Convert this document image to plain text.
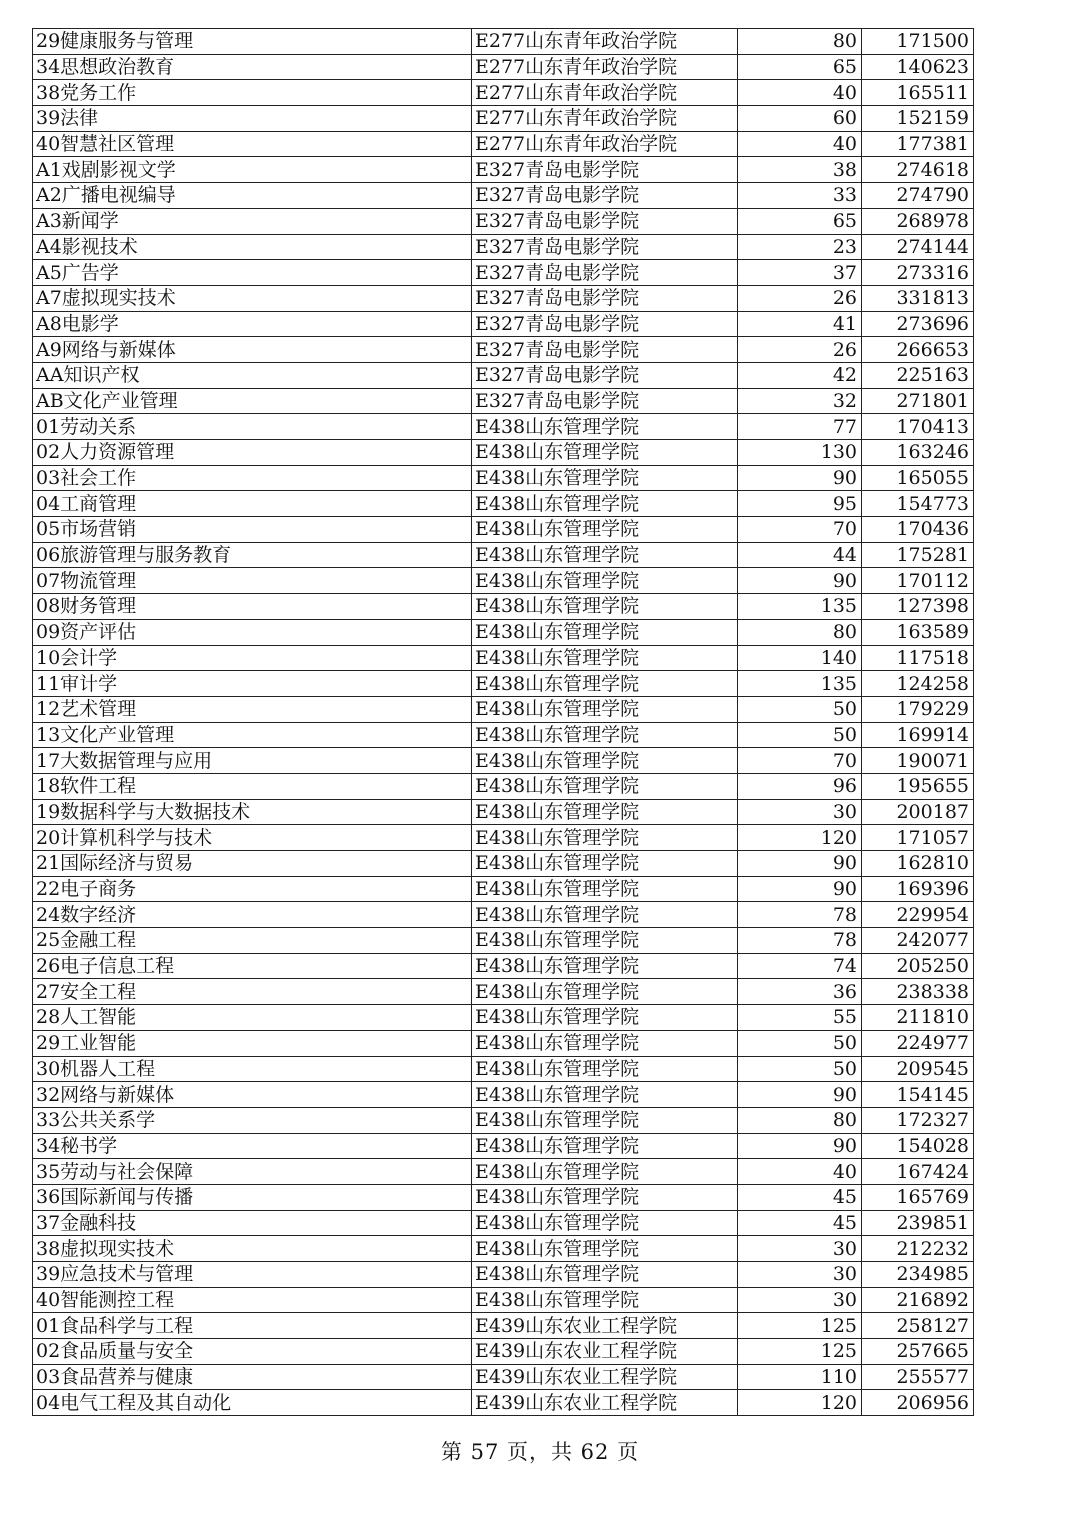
29健康服务与管理	E277山东青年政治学院	80	171500
34思想政治教育	E277山东青年政治学院	65	140623
38党务工作	E277山东青年政治学院	40	165511
39法律	E277山东青年政治学院	60	152159
40智慧社区管理	E277山东青年政治学院	40	177381
A1戏剧影视文学	E327青岛电影学院	38	274618
A2广播电视编导	E327青岛电影学院	33	274790
A3新闻学	E327青岛电影学院	65	268978
A4影视技术	E327青岛电影学院	23	274144
A5广告学	E327青岛电影学院	37	273316
A7虚拟现实技术	E327青岛电影学院	26	331813
A8电影学	E327青岛电影学院	41	273696
A9网络与新媒体	E327青岛电影学院	26	266653
AA知识产权	E327青岛电影学院	42	225163
AB文化产业管理	E327青岛电影学院	32	271801
01劳动关系	E438山东管理学院	77	170413
02人力资源管理	E438山东管理学院	130	163246
03社会工作	E438山东管理学院	90	165055
04工商管理	E438山东管理学院	95	154773
05市场营销	E438山东管理学院	70	170436
06旅游管理与服务教育	E438山东管理学院	44	175281
07物流管理	E438山东管理学院	90	170112
08财务管理	E438山东管理学院	135	127398
09资产评估	E438山东管理学院	80	163589
10会计学	E438山东管理学院	140	117518
11审计学	E438山东管理学院	135	124258
12艺术管理	E438山东管理学院	50	179229
13文化产业管理	E438山东管理学院	50	169914
17大数据管理与应用	E438山东管理学院	70	190071
18软件工程	E438山东管理学院	96	195655
19数据科学与大数据技术	E438山东管理学院	30	200187
20计算机科学与技术	E438山东管理学院	120	171057
21国际经济与贸易	E438山东管理学院	90	162810
22电子商务	E438山东管理学院	90	169396
24数字经济	E438山东管理学院	78	229954
25金融工程	E438山东管理学院	78	242077
26电子信息工程	E438山东管理学院	74	205250
27安全工程	E438山东管理学院	36	238338
28人工智能	E438山东管理学院	55	211810
29工业智能	E438山东管理学院	50	224977
30机器人工程	E438山东管理学院	50	209545
32网络与新媒体	E438山东管理学院	90	154145
33公共关系学	E438山东管理学院	80	172327
34秘书学	E438山东管理学院	90	154028
35劳动与社会保障	E438山东管理学院	40	167424
36国际新闻与传播	E438山东管理学院	45	165769
37金融科技	E438山东管理学院	45	239851
38虚拟现实技术	E438山东管理学院	30	212232
39应急技术与管理	E438山东管理学院	30	234985
40智能测控工程	E438山东管理学院	30	216892
01食品科学与工程	E439山东农业工程学院	125	258127
02食品质量与安全	E439山东农业工程学院	125	257665
03食品营养与健康	E439山东农业工程学院	110	255577
04电气工程及其自动化	E439山东农业工程学院	120	206956
第 57 页，共 62 页
